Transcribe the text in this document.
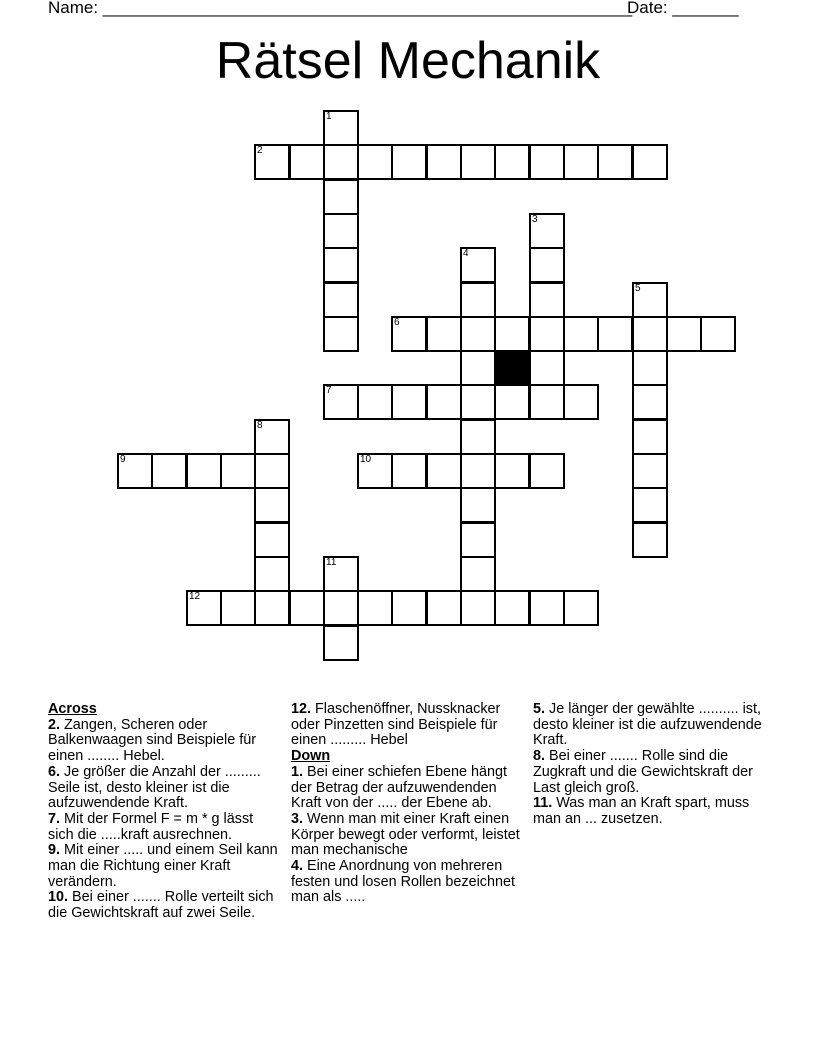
Name: ________________________________________________________
Date: _______
Rätsel Mechanik
1
2
3
4
5
6
7
8
9	10
11
12
Across
2. Zangen, Scheren oder Balkenwaagen sind Beispiele für einen ........ Hebel.
6. Je größer die Anzahl der ......... Seile ist, desto kleiner ist die aufzuwendende Kraft.
7. Mit der Formel F = m * g lässt sich die .....kraft ausrechnen.
9. Mit einer ..... und einem Seil kann man die Richtung einer Kraft verändern.
10. Bei einer ....... Rolle verteilt sich die Gewichtskraft auf zwei Seile.
12. Flaschenöffner, Nussknacker oder Pinzetten sind Beispiele für einen ......... Hebel
Down
1. Bei einer schiefen Ebene hängt der Betrag der aufzuwendenden Kraft von der ..... der Ebene ab.
3. Wenn man mit einer Kraft einen Körper bewegt oder verformt, leistet man mechanische
4. Eine Anordnung von mehreren festen und losen Rollen bezeichnet man als .....
5. Je länger der gewählte .......... ist, desto kleiner ist die aufzuwendende Kraft.
8. Bei einer ....... Rolle sind die Zugkraft und die Gewichtskraft der Last gleich groß.
11. Was man an Kraft spart, muss man an ... zusetzen.
